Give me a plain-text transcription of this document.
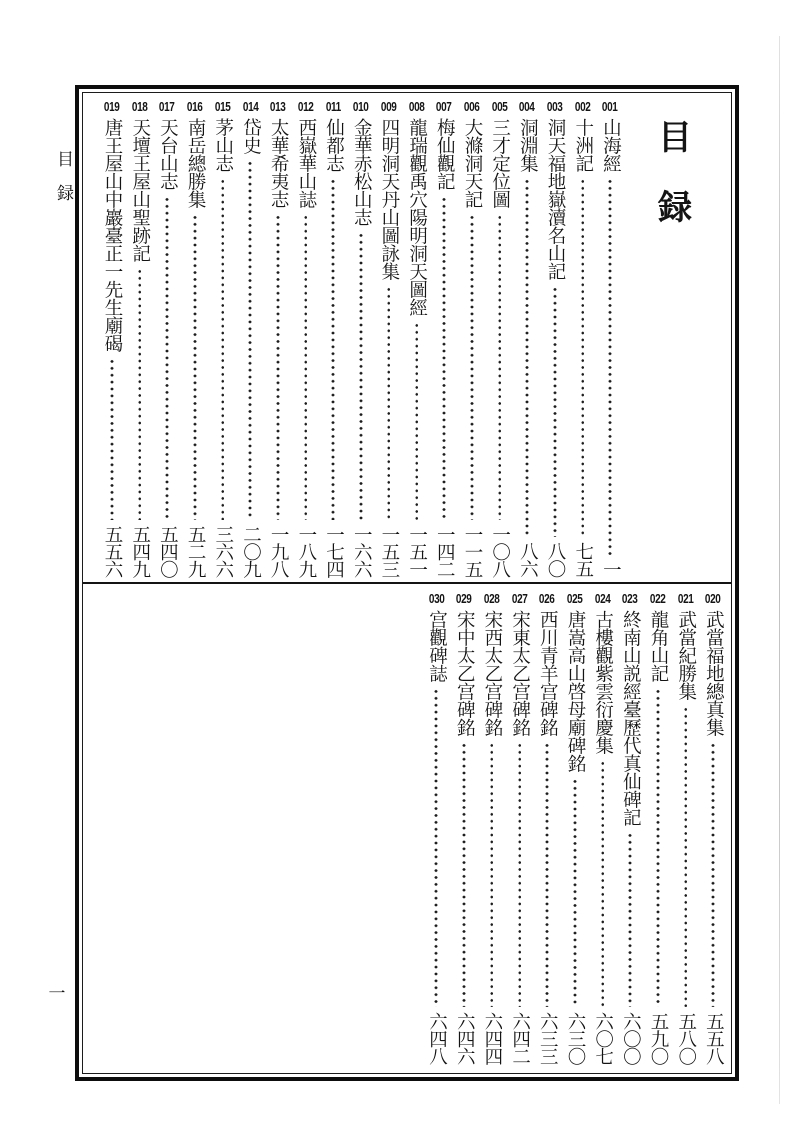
目録
一
目
録
001
山海經
一
002
十洲記
七五
003
洞天福地嶽瀆名山記
八〇
004
洞淵集
八六
005
三才定位圖
一〇八
006
大滌洞天記
一一五
007
梅仙觀記
一四二
008
龍瑞觀禹穴陽明洞天圖經
一五一
009
四明洞天丹山圖詠集
一五三
010
金華赤松山志
一六六
011
仙都志
一七四
012
西嶽華山誌
一八九
013
太華希夷志
一九八
014
岱史
二〇九
015
茅山志
三六六
016
南岳總勝集
五二九
017
天台山志
五四〇
018
天壇王屋山聖跡記
五四九
019
唐王屋山中巖臺正一先生廟碣
五五六
020
武當福地總真集
五五八
021
武當紀勝集
五八〇
022
龍角山記
五九〇
023
終南山説經臺歷代真仙碑記
六〇〇
024
古樓觀紫雲衍慶集
六〇七
025
唐嵩高山啓母廟碑銘
六三〇
026
西川青羊宫碑銘
六三三
027
宋東太乙宫碑銘
六四二
028
宋西太乙宫碑銘
六四四
029
宋中太乙宫碑銘
六四六
030
宫觀碑誌
六四八
